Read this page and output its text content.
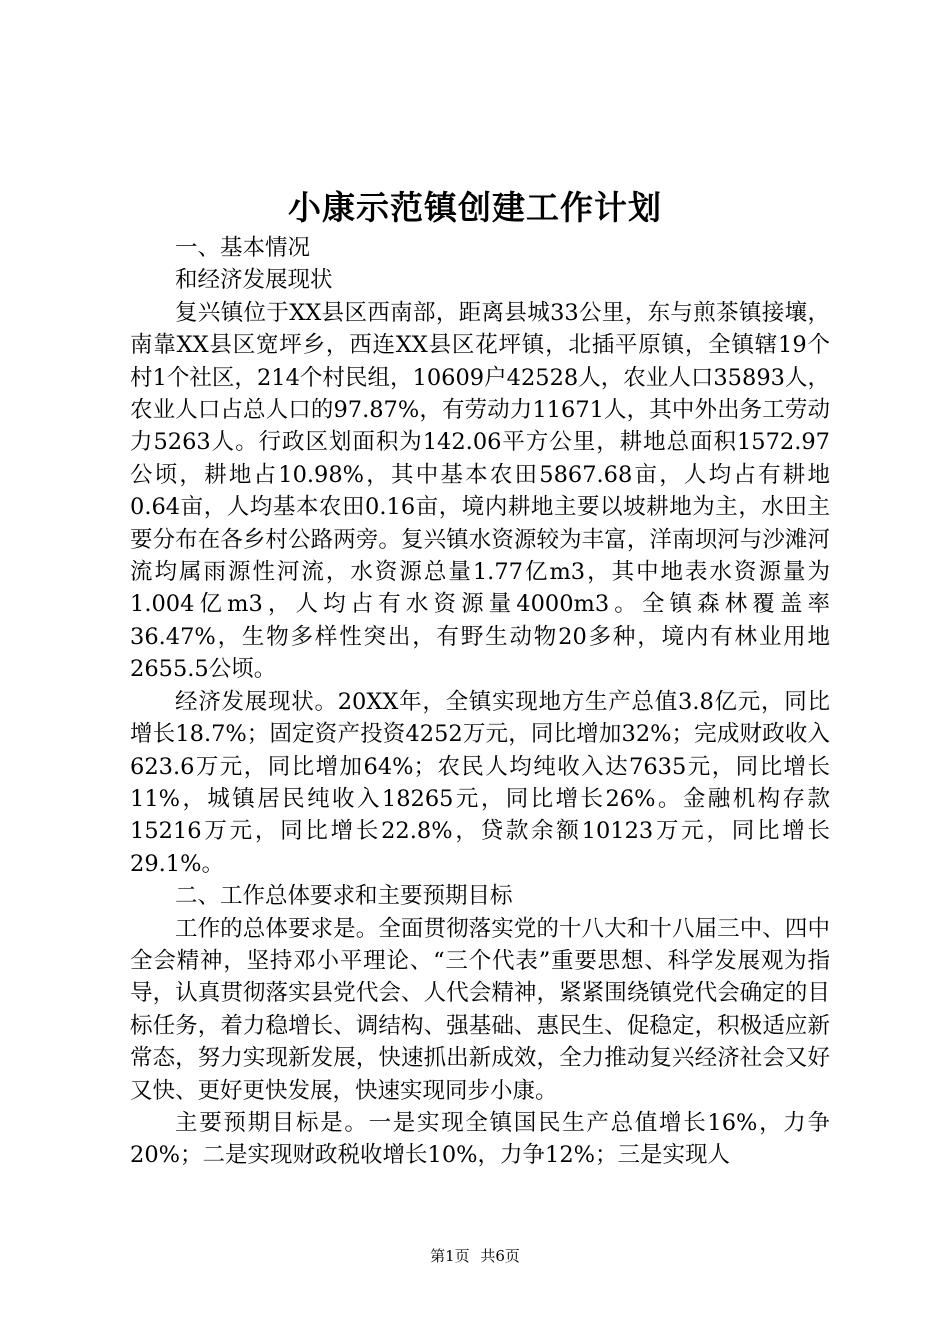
小康示范镇创建工作计划

一、基本情况

和经济发展现状

复兴镇位于XX县区西南部，距离县城33公里，东与煎茶镇接壤，南靠XX县区宽坪乡，西连XX县区花坪镇，北插平原镇，全镇辖19个村1个社区，214个村民组，10609户42528人，农业人口35893人，农业人口占总人口的97.87%，有劳动力11671人，其中外出务工劳动力5263人。行政区划面积为142.06平方公里，耕地总面积1572.97公顷，耕地占10.98%，其中基本农田5867.68亩，人均占有耕地0.64亩，人均基本农田0.16亩，境内耕地主要以坡耕地为主，水田主要分布在各乡村公路两旁。复兴镇水资源较为丰富，洋南坝河与沙滩河流均属雨源性河流，水资源总量1.77亿m3，其中地表水资源量为1.004亿m3，人均占有水资源量4000m3。全镇森林覆盖率36.47%，生物多样性突出，有野生动物20多种，境内有林业用地2655.5公顷。

经济发展现状。20XX年，全镇实现地方生产总值3.8亿元，同比增长18.7%；固定资产投资4252万元，同比增加32%；完成财政收入623.6万元，同比增加64%；农民人均纯收入达7635元，同比增长11%，城镇居民纯收入18265元，同比增长26%。金融机构存款15216万元，同比增长22.8%，贷款余额10123万元，同比增长29.1%。

二、工作总体要求和主要预期目标

工作的总体要求是。全面贯彻落实党的十八大和十八届三中、四中全会精神，坚持邓小平理论、“三个代表”重要思想、科学发展观为指导，认真贯彻落实县党代会、人代会精神，紧紧围绕镇党代会确定的目标任务，着力稳增长、调结构、强基础、惠民生、促稳定，积极适应新常态，努力实现新发展，快速抓出新成效，全力推动复兴经济社会又好又快、更好更快发展，快速实现同步小康。

主要预期目标是。一是实现全镇国民生产总值增长16%，力争20%；二是实现财政税收增长10%，力争12%；三是实现人

第1页 共6页
